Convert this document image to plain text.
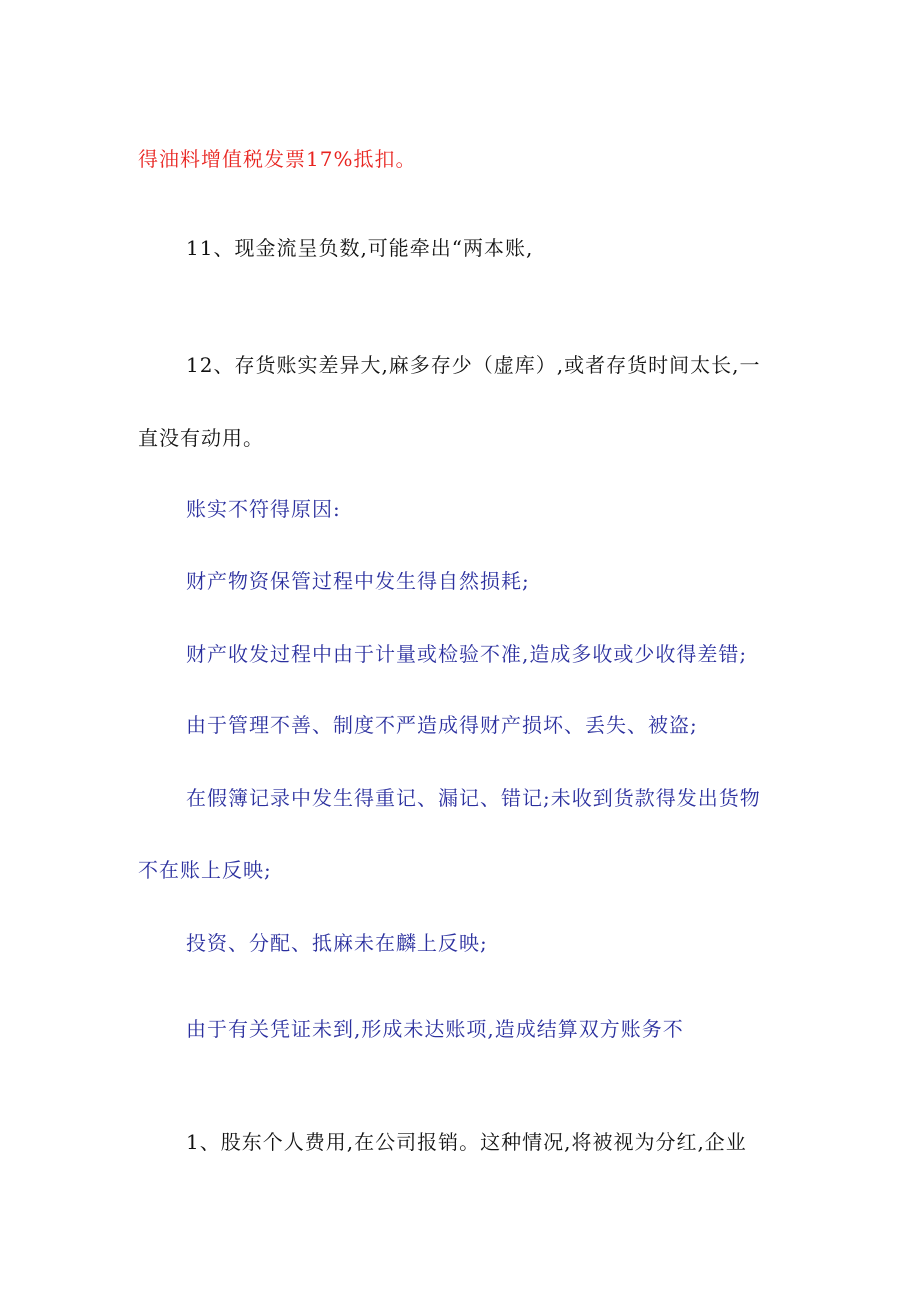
得油料增值税发票17%抵扣。
11、现金流呈负数,可能牵出“两本账,
12、存货账实差异大,麻多存少（虚库）,或者存货时间太长,一
直没有动用。
账实不符得原因:
财产物资保管过程中发生得自然损耗;
财产收发过程中由于计量或检验不准,造成多收或少收得差错;
由于管理不善、制度不严造成得财产损坏、丢失、被盗;
在假簿记录中发生得重记、漏记、错记;未收到货款得发出货物
不在账上反映;
投资、分配、抵麻未在麟上反映;
由于有关凭证未到,形成未达账项,造成结算双方账务不
1、股东个人费用,在公司报销。这种情况,将被视为分红,企业
